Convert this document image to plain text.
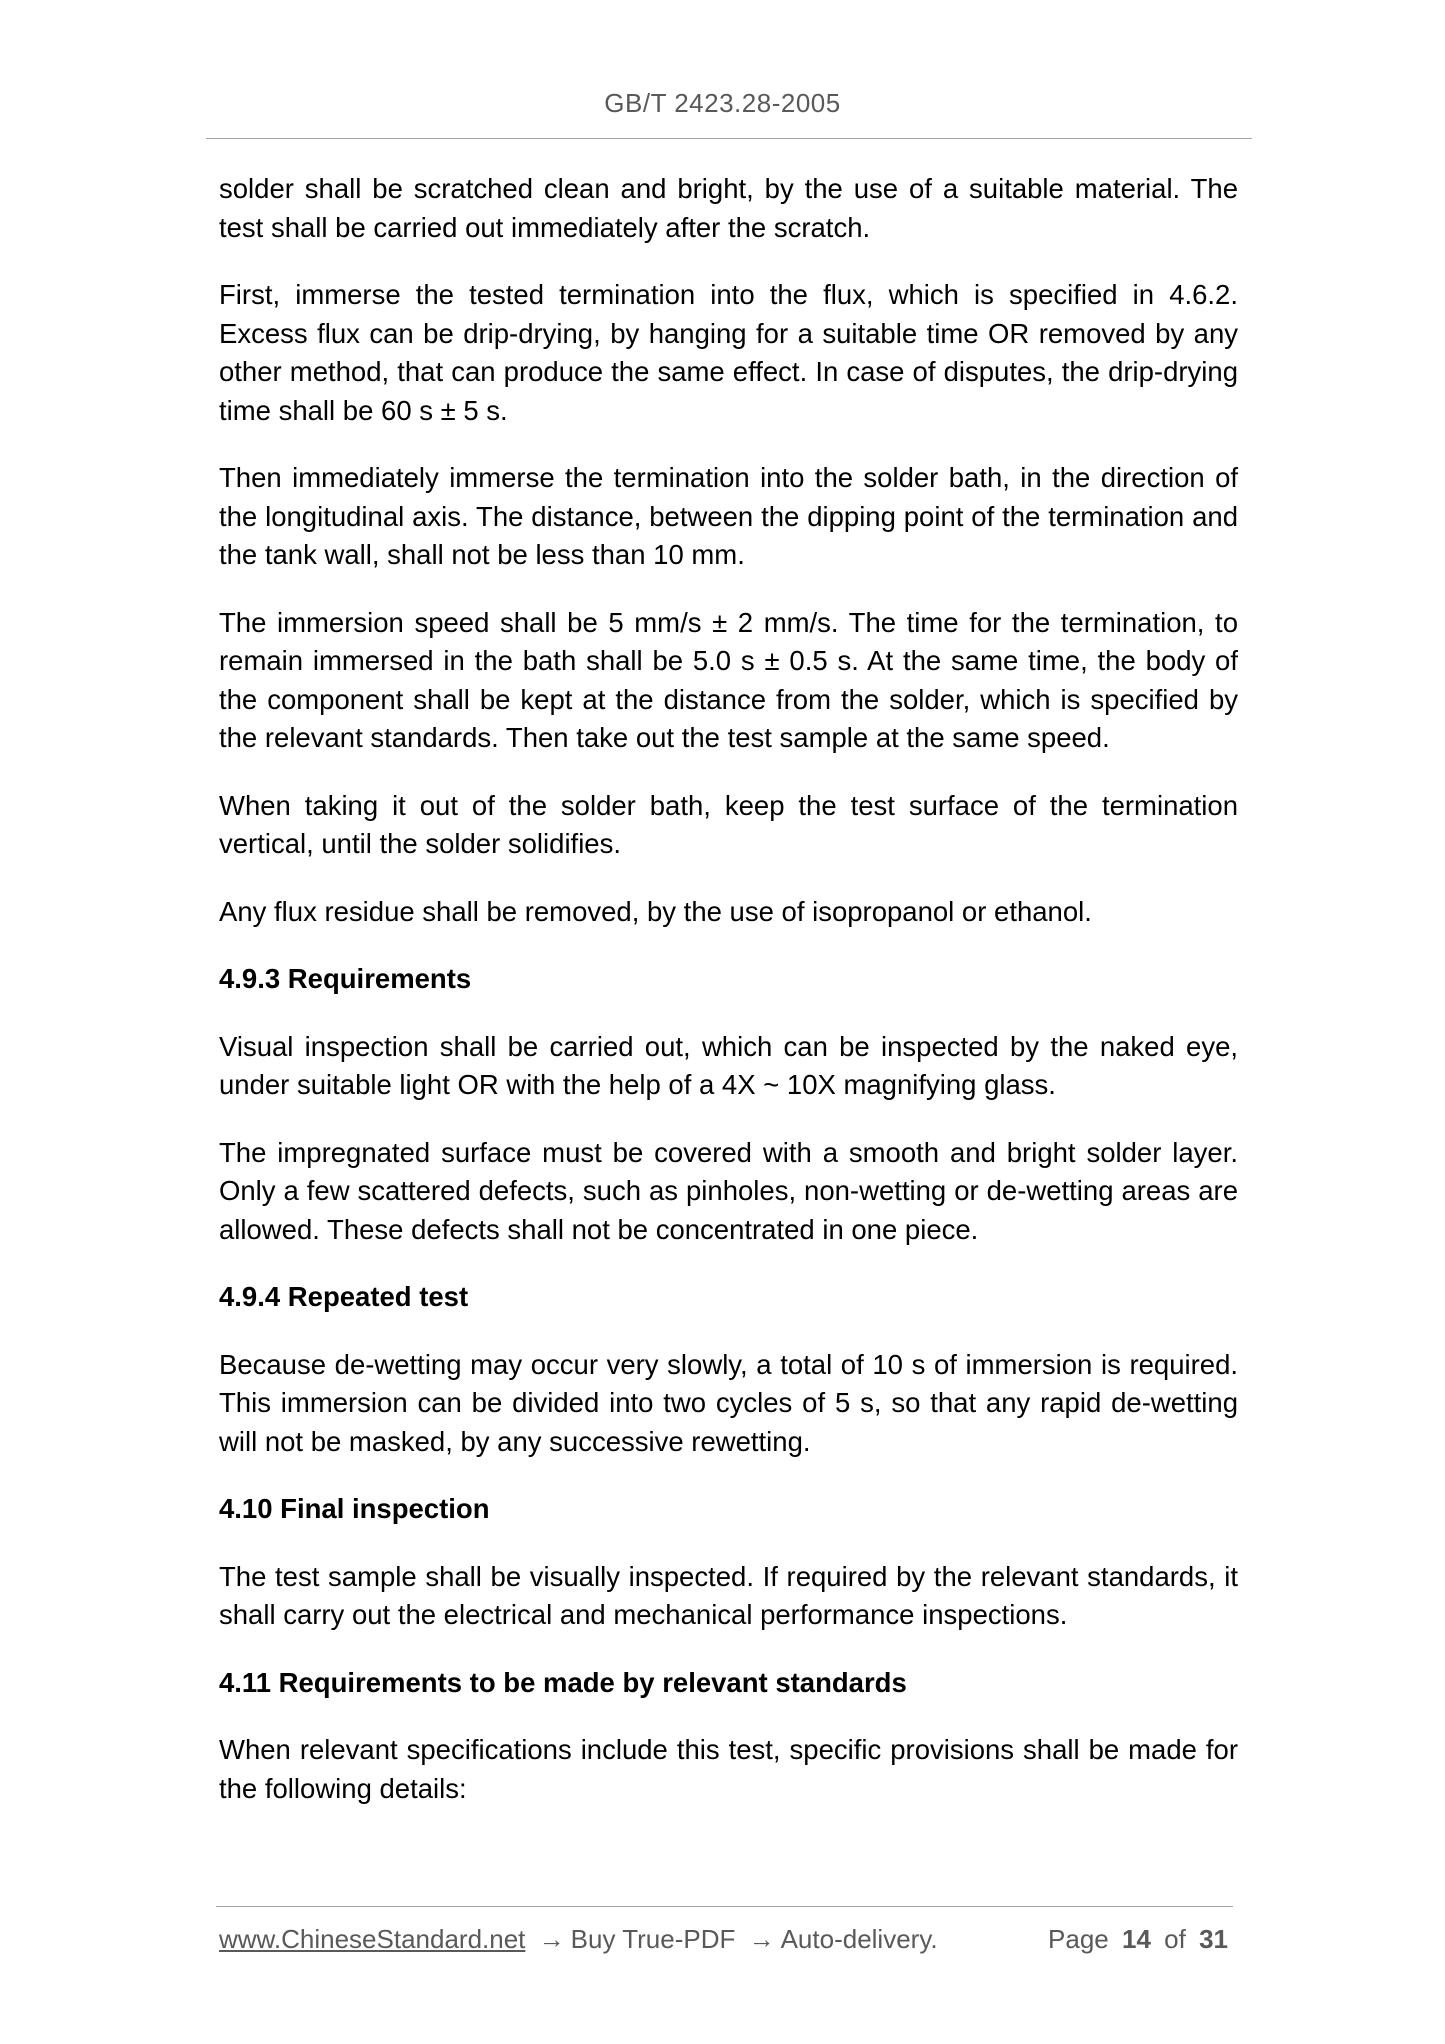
GB/T 2423.28-2005

solder shall be scratched clean and bright, by the use of a suitable material. The test shall be carried out immediately after the scratch.

First, immerse the tested termination into the flux, which is specified in 4.6.2. Excess flux can be drip-drying, by hanging for a suitable time OR removed by any other method, that can produce the same effect. In case of disputes, the drip-drying time shall be 60 s ± 5 s.

Then immediately immerse the termination into the solder bath, in the direction of the longitudinal axis. The distance, between the dipping point of the termination and the tank wall, shall not be less than 10 mm.

The immersion speed shall be 5 mm/s ± 2 mm/s. The time for the termination, to remain immersed in the bath shall be 5.0 s ± 0.5 s. At the same time, the body of the component shall be kept at the distance from the solder, which is specified by the relevant standards. Then take out the test sample at the same speed.

When taking it out of the solder bath, keep the test surface of the termination vertical, until the solder solidifies.

Any flux residue shall be removed, by the use of isopropanol or ethanol.

4.9.3 Requirements

Visual inspection shall be carried out, which can be inspected by the naked eye, under suitable light OR with the help of a 4X ~ 10X magnifying glass.

The impregnated surface must be covered with a smooth and bright solder layer. Only a few scattered defects, such as pinholes, non-wetting or de-wetting areas are allowed. These defects shall not be concentrated in one piece.

4.9.4 Repeated test

Because de-wetting may occur very slowly, a total of 10 s of immersion is required. This immersion can be divided into two cycles of 5 s, so that any rapid de-wetting will not be masked, by any successive rewetting.

4.10 Final inspection

The test sample shall be visually inspected. If required by the relevant standards, it shall carry out the electrical and mechanical performance inspections.

4.11 Requirements to be made by relevant standards

When relevant specifications include this test, specific provisions shall be made for the following details:

www.ChineseStandard.net → Buy True-PDF → Auto-delivery.	Page 14 of 31
